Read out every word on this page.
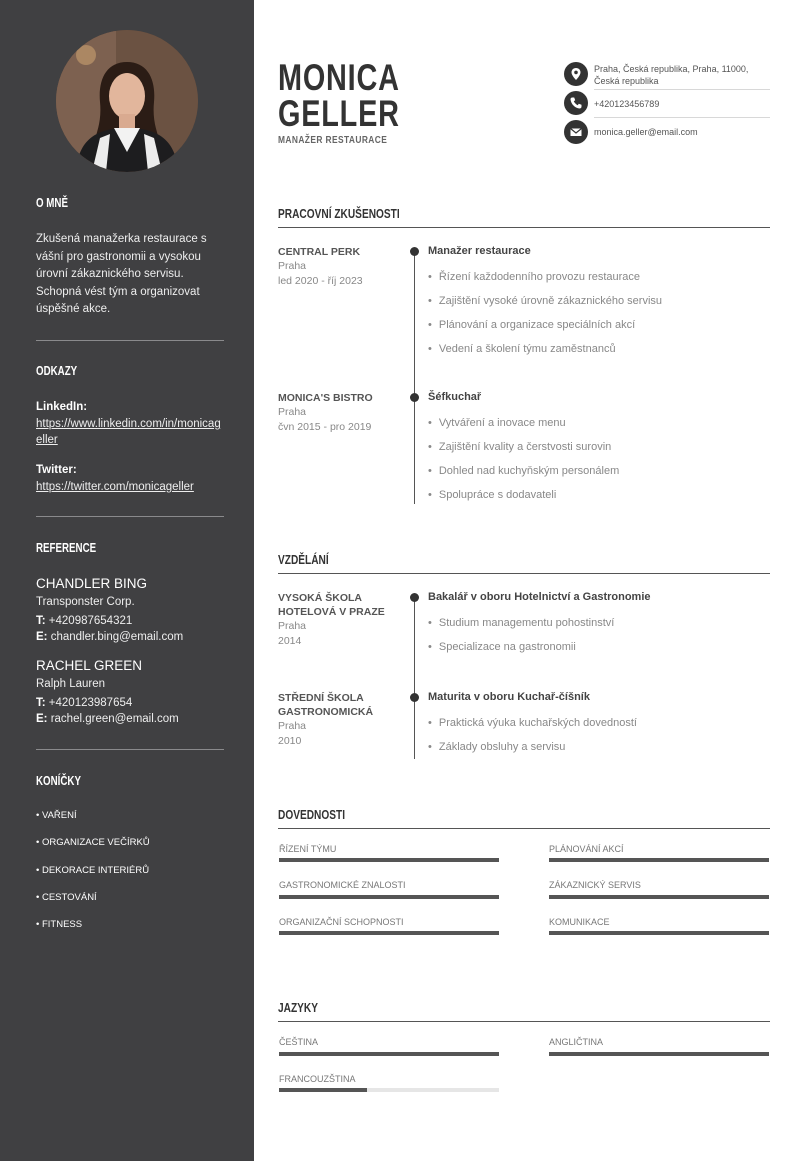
O MNĚ
Zkušená manažerka restaurace s vášní pro gastronomii a vysokou úrovní zákaznického servisu. Schopná vést tým a organizovat úspěšné akce.
ODKAZY
LinkedIn:
https://www.linkedin.com/in/monicageller
Twitter:
https://twitter.com/monicageller
REFERENCE
CHANDLER BING
Transponster Corp.
T: +420987654321
E: chandler.bing@email.com
RACHEL GREEN
Ralph Lauren
T: +420123987654
E: rachel.green@email.com
KONÍČKY
• VAŘENÍ
• ORGANIZACE VEČÍRKŮ
• DEKORACE INTERIÉRŮ
• CESTOVÁNÍ
• FITNESS
MONICA
GELLER
MANAŽER RESTAURACE
Praha, Česká republika, Praha, 11000, Česká republika
+420123456789
monica.geller@email.com
PRACOVNÍ ZKUŠENOSTI
CENTRAL PERK
Praha
led 2020 - říj 2023
Manažer restaurace
• Řízení každodenního provozu restaurace
• Zajištění vysoké úrovně zákaznického servisu
• Plánování a organizace speciálních akcí
• Vedení a školení týmu zaměstnanců
MONICA'S BISTRO
Praha
čvn 2015 - pro 2019
Šéfkuchař
• Vytváření a inovace menu
• Zajištění kvality a čerstvosti surovin
• Dohled nad kuchyňským personálem
• Spolupráce s dodavateli
VZDĚLÁNÍ
VYSOKÁ ŠKOLA HOTELOVÁ V PRAZE
Praha
2014
Bakalář v oboru Hotelnictví a Gastronomie
• Studium managementu pohostinství
• Specializace na gastronomii
STŘEDNÍ ŠKOLA GASTRONOMICKÁ
Praha
2010
Maturita v oboru Kuchař-číšník
• Praktická výuka kuchařských dovedností
• Základy obsluhy a servisu
DOVEDNOSTI
ŘÍZENÍ TÝMU	PLÁNOVÁNÍ AKCÍ
GASTRONOMICKÉ ZNALOSTI	ZÁKAZNICKÝ SERVIS
ORGANIZAČNÍ SCHOPNOSTI	KOMUNIKACE
JAZYKY
ČEŠTINA	ANGLIČTINA
FRANCOUZŠTINA
